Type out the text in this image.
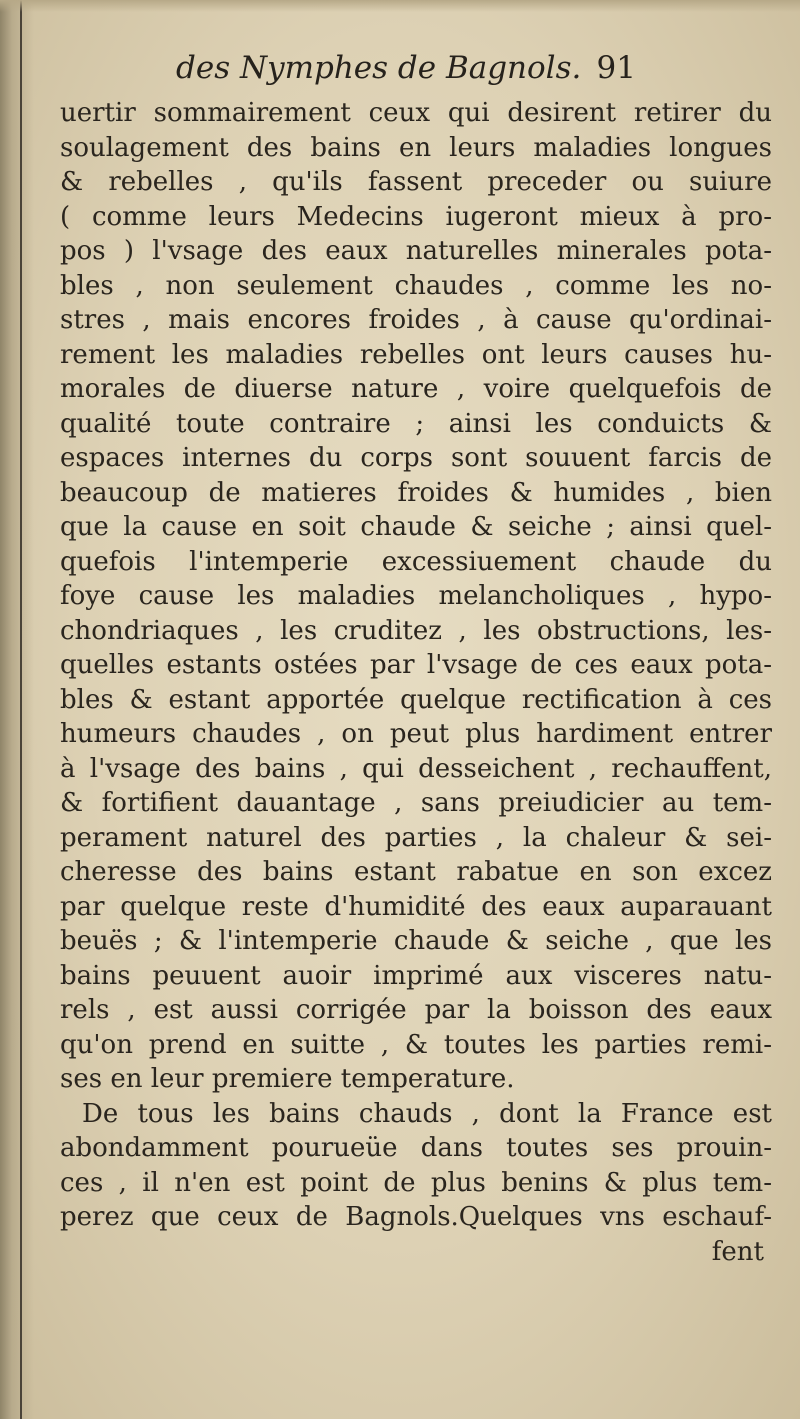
des Nymphes de Bagnols. 91
uertir sommairement ceux qui desirent retirer du
soulagement des bains en leurs maladies longues
& rebelles , qu'ils fassent preceder ou suiure
( comme leurs Medecins iugeront mieux à pro-
pos ) l'vsage des eaux naturelles minerales pota-
bles , non seulement chaudes , comme les no-
stres , mais encores froides , à cause qu'ordinai-
rement les maladies rebelles ont leurs causes hu-
morales de diuerse nature , voire quelquefois de
qualité toute contraire ; ainsi les conduicts &
espaces internes du corps sont souuent farcis de
beaucoup de matieres froides & humides , bien
que la cause en soit chaude & seiche ; ainsi quel-
quefois l'intemperie excessiuement chaude du
foye cause les maladies melancholiques , hypo-
chondriaques , les cruditez , les obstructions, les-
quelles estants ostées par l'vsage de ces eaux pota-
bles & estant apportée quelque rectification à ces
humeurs chaudes , on peut plus hardiment entrer
à l'vsage des bains , qui desseichent , rechauffent,
& fortifient dauantage , sans preiudicier au tem-
perament naturel des parties , la chaleur & sei-
cheresse des bains estant rabatue en son excez
par quelque reste d'humidité des eaux auparauant
beuës ; & l'intemperie chaude & seiche , que les
bains peuuent auoir imprimé aux visceres natu-
rels , est aussi corrigée par la boisson des eaux
qu'on prend en suitte , & toutes les parties remi-
ses en leur premiere temperature.
De tous les bains chauds , dont la France est
abondamment pourueüe dans toutes ses prouin-
ces , il n'en est point de plus benins & plus tem-
perez que ceux de Bagnols.Quelques vns eschauf-
fent
